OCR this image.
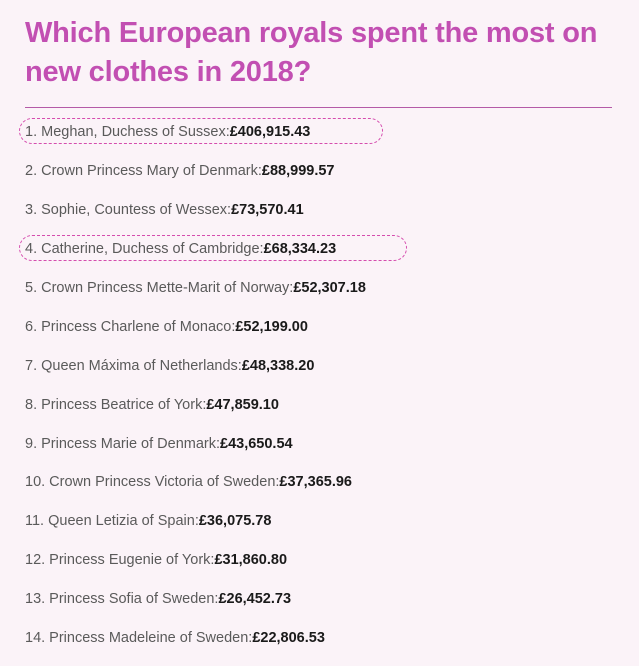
Which European royals spent the most on new clothes in 2018?
1. Meghan, Duchess of Sussex: £406,915.43
2. Crown Princess Mary of Denmark: £88,999.57
3. Sophie, Countess of Wessex: £73,570.41
4. Catherine, Duchess of Cambridge: £68,334.23
5. Crown Princess Mette-Marit of Norway: £52,307.18
6. Princess Charlene of Monaco: £52,199.00
7. Queen Máxima of Netherlands: £48,338.20
8. Princess Beatrice of York: £47,859.10
9. Princess Marie of Denmark: £43,650.54
10. Crown Princess Victoria of Sweden: £37,365.96
11. Queen Letizia of Spain: £36,075.78
12. Princess Eugenie of York: £31,860.80
13. Princess Sofia of Sweden: £26,452.73
14. Princess Madeleine of Sweden: £22,806.53
